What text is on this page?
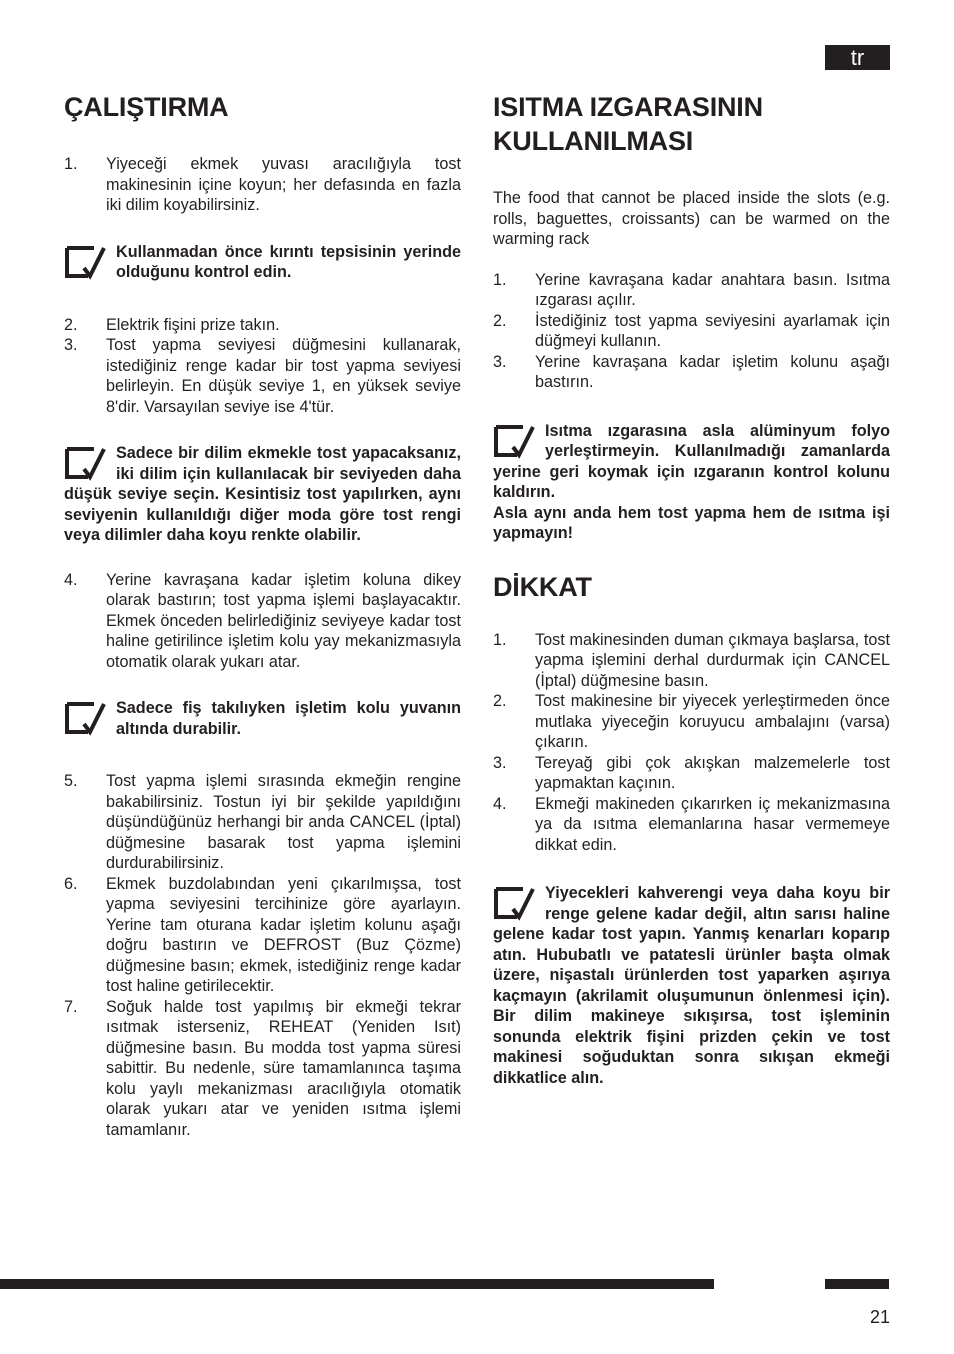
tr
ÇALIŞTIRMA
1. Yiyeceği ekmek yuvası aracılığıyla tost makinesinin içine koyun; her defasında en fazla iki dilim koyabilirsiniz.
Kullanmadan önce kırıntı tepsisinin yerinde olduğunu kontrol edin.
2. Elektrik fişini prize takın.
3. Tost yapma seviyesi düğmesini kullanarak, istediğiniz renge kadar bir tost yapma seviyesi belirleyin. En düşük seviye 1, en yüksek seviye 8'dir. Varsayılan seviye ise 4'tür.
Sadece bir dilim ekmekle tost yapacaksanız, iki dilim için kullanılacak bir seviyeden daha düşük seviye seçin. Kesintisiz tost yapılırken, aynı seviyenin kullanıldığı diğer moda göre tost rengi veya dilimler daha koyu renkte olabilir.
4. Yerine kavraşana kadar işletim koluna dikey olarak bastırın; tost yapma işlemi başlayacaktır. Ekmek önceden belirlediğiniz seviyeye kadar tost haline getirilince işletim kolu yay mekanizmasıyla otomatik olarak yukarı atar.
Sadece fiş takılıyken işletim kolu yuvanın altında durabilir.
5. Tost yapma işlemi sırasında ekmeğin rengine bakabilirsiniz. Tostun iyi bir şekilde yapıldığını düşündüğünüz herhangi bir anda CANCEL (İptal) düğmesine basarak tost yapma işlemini durdurabilirsiniz.
6. Ekmek buzdolabından yeni çıkarılmışsa, tost yapma seviyesini tercihinize göre ayarlayın. Yerine tam oturana kadar işletim kolunu aşağı doğru bastırın ve DEFROST (Buz Çözme) düğmesine basın; ekmek, istediğiniz renge kadar tost haline getirilecektir.
7. Soğuk halde tost yapılmış bir ekmeği tekrar ısıtmak isterseniz, REHEAT (Yeniden Isıt) düğmesine basın. Bu modda tost yapma süresi sabittir. Bu nedenle, süre tamamlanınca taşıma kolu yaylı mekanizması aracılığıyla otomatik olarak yukarı atar ve yeniden ısıtma işlemi tamamlanır.
ISITMA IZGARASININ KULLANILMASI

The food that cannot be placed inside the slots (e.g. rolls, baguettes, croissants) can be warmed on the warming rack

1. Yerine kavraşana kadar anahtara basın. Isıtma ızgarası açılır.
2. İstediğiniz tost yapma seviyesini ayarlamak için düğmeyi kullanın.
3. Yerine kavraşana kadar işletim kolunu aşağı bastırın.
Isıtma ızgarasına asla alüminyum folyo yerleştirmeyin. Kullanılmadığı zamanlarda yerine geri koymak için ızgaranın kontrol kolunu kaldırın.
Asla aynı anda hem tost yapma hem de ısıtma işi yapmayın!
DİKKAT
1. Tost makinesinden duman çıkmaya başlarsa, tost yapma işlemini derhal durdurmak için CANCEL (İptal) düğmesine basın.
2. Tost makinesine bir yiyecek yerleştirmeden önce mutlaka yiyeceğin koruyucu ambalajını (varsa) çıkarın.
3. Tereyağ gibi çok akışkan malzemelerle tost yapmaktan kaçının.
4. Ekmeği makineden çıkarırken iç mekanizmasına ya da ısıtma elemanlarına hasar vermemeye dikkat edin.
Yiyecekleri kahverengi veya daha koyu bir renge gelene kadar değil, altın sarısı haline gelene kadar tost yapın. Yanmış kenarları koparıp atın. Hububatlı ve patatesli ürünler başta olmak üzere, nişastalı ürünlerden tost yaparken aşırıya kaçmayın (akrilamit oluşumunun önlenmesi için). Bir dilim makineye sıkışırsa, tost işleminin sonunda elektrik fişini prizden çekin ve tost makinesi soğuduktan sonra sıkışan ekmeği dikkatlice alın.
21
